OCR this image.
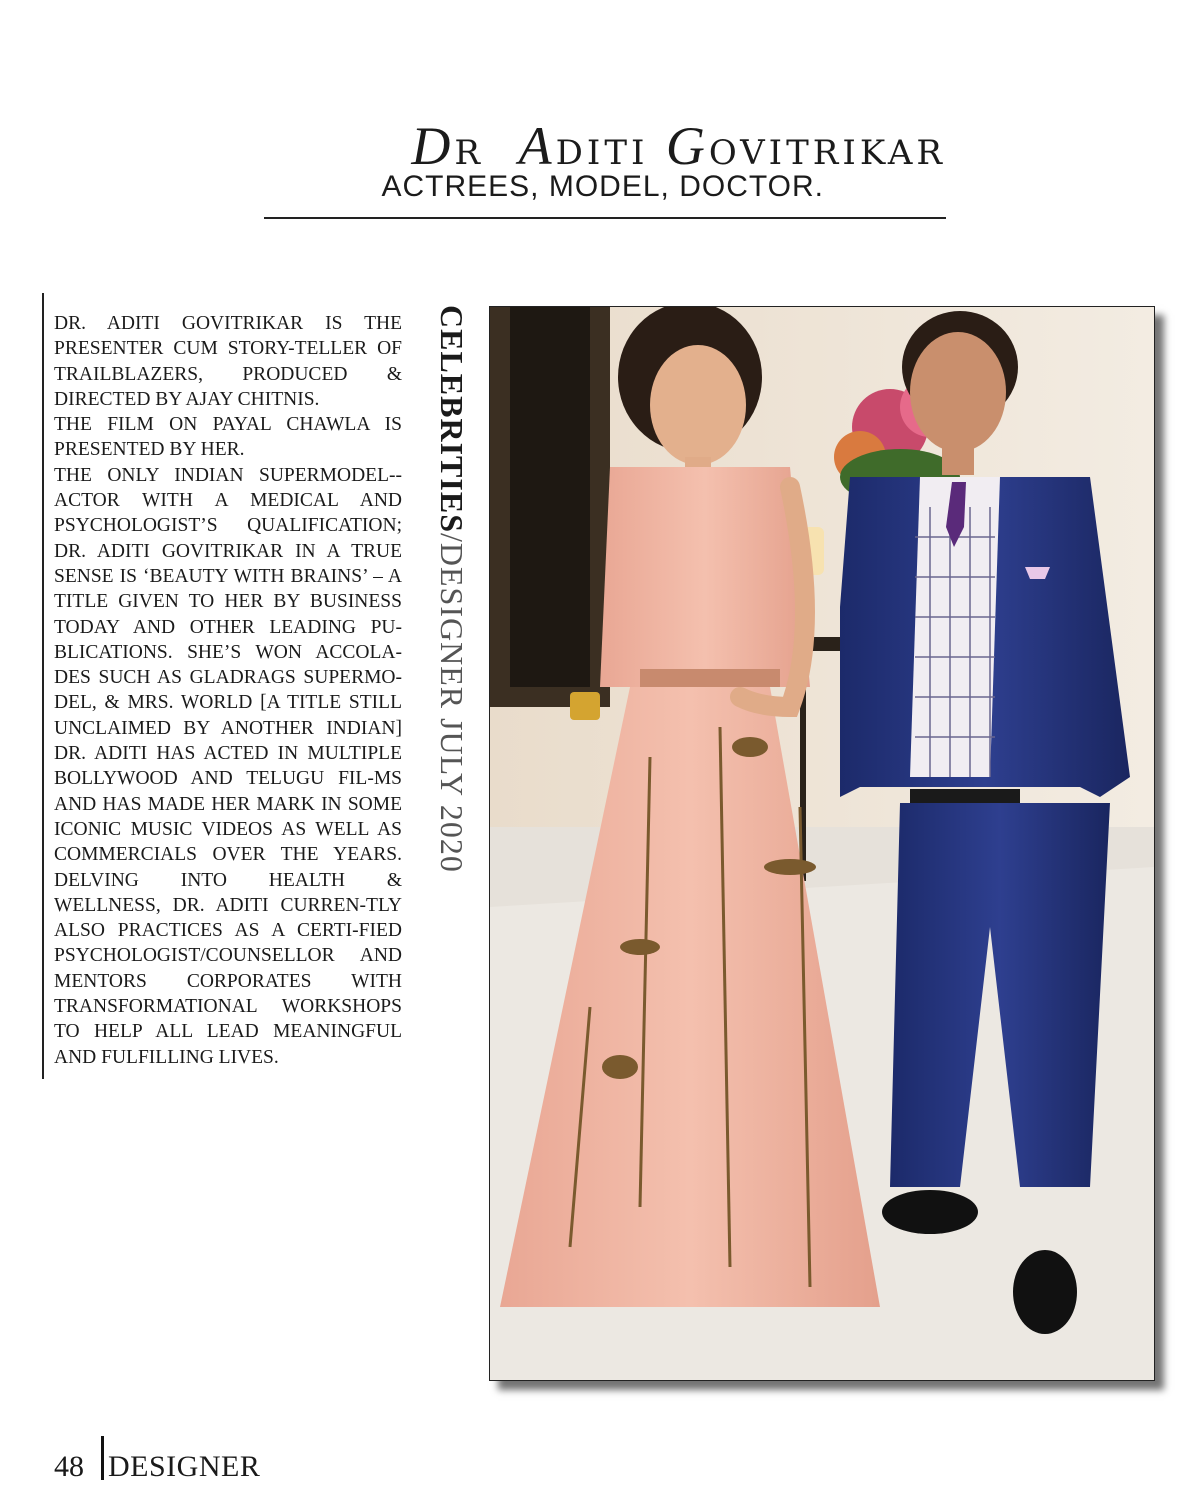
DR ADITI GOVITRIKAR
ACTREES, MODEL, DOCTOR.

DR. ADITI GOVITRIKAR IS THE PRESENTER CUM STORY-TELLER OF TRAILBLAZERS, PRODUCED & DIRECTED BY AJAY CHITNIS.

THE FILM ON PAYAL CHAWLA IS PRESENTED BY HER.

THE ONLY INDIAN SUPERMODEL--ACTOR WITH A MEDICAL AND PSYCHOLOGIST’S QUALIFICATION; DR. ADITI GOVITRIKAR IN A TRUE SENSE IS ‘BEAUTY WITH BRAINS’ – A TITLE GIVEN TO HER BY BUSINESS TODAY AND OTHER LEADING PU-BLICATIONS. SHE’S WON ACCOLA-DES SUCH AS GLADRAGS SUPERMO-DEL, & MRS. WORLD [A TITLE STILL UNCLAIMED BY ANOTHER INDIAN] DR. ADITI HAS ACTED IN MULTIPLE BOLLYWOOD AND TELUGU FIL-MS AND HAS MADE HER MARK IN SOME ICONIC MUSIC VIDEOS AS WELL AS COMMERCIALS OVER THE YEARS. DELVING INTO HEALTH & WELLNESS, DR. ADITI CURREN-TLY ALSO PRACTICES AS A CERTI-FIED PSYCHOLOGIST/COUNSELLOR AND MENTORS CORPORATES WITH TRANSFORMATIONAL WORKSHOPS TO HELP ALL LEAD MEANINGFUL AND FULFILLING LIVES.

CELEBRITIES/DESIGNER JULY 2020
48 DESIGNER
